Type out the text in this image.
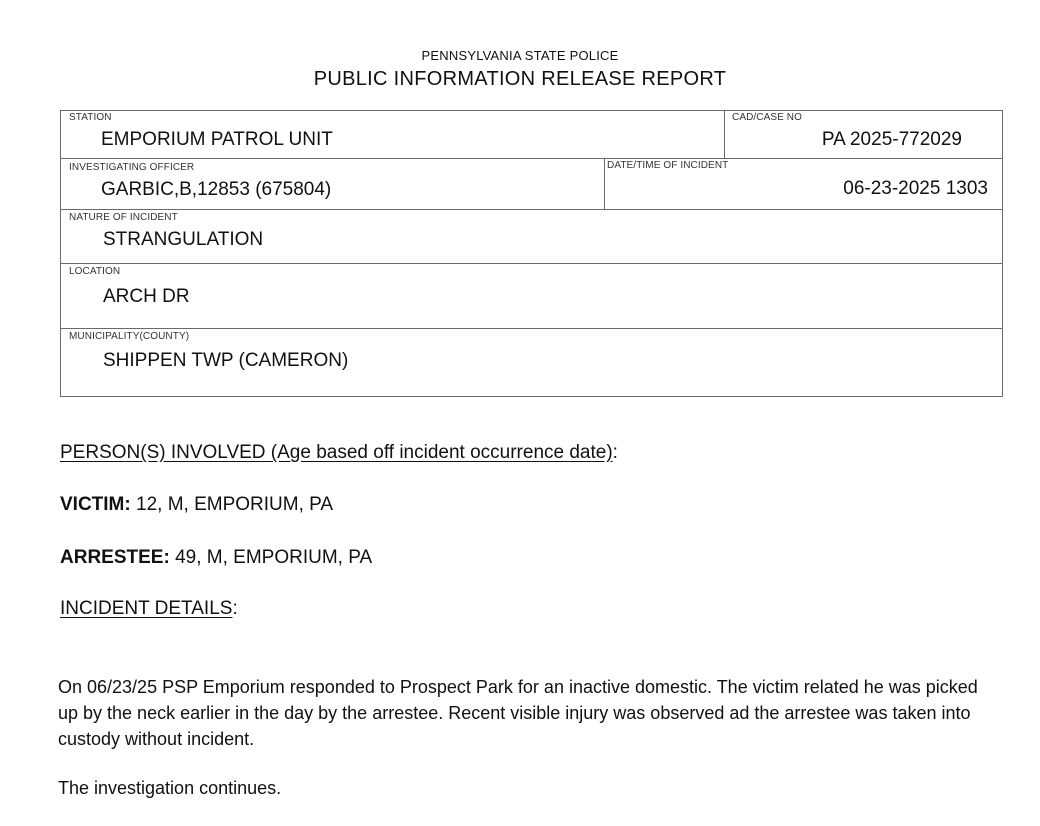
PENNSYLVANIA STATE POLICE
PUBLIC INFORMATION RELEASE REPORT
STATION
EMPORIUM PATROL UNIT
CAD/CASE NO
PA 2025-772029
INVESTIGATING OFFICER
GARBIC,B,12853 (675804)
DATE/TIME OF INCIDENT
06-23-2025 1303
NATURE OF INCIDENT
STRANGULATION
LOCATION
ARCH DR
MUNICIPALITY(COUNTY)
SHIPPEN TWP (CAMERON)
PERSON(S) INVOLVED (Age based off incident occurrence date):
VICTIM: 12, M, EMPORIUM, PA
ARRESTEE: 49, M, EMPORIUM, PA
INCIDENT DETAILS:
On 06/23/25 PSP Emporium responded to Prospect Park for an inactive domestic. The victim related he was picked up by the neck earlier in the day by the arrestee. Recent visible injury was observed ad the arrestee was taken into custody without incident.
The investigation continues.
